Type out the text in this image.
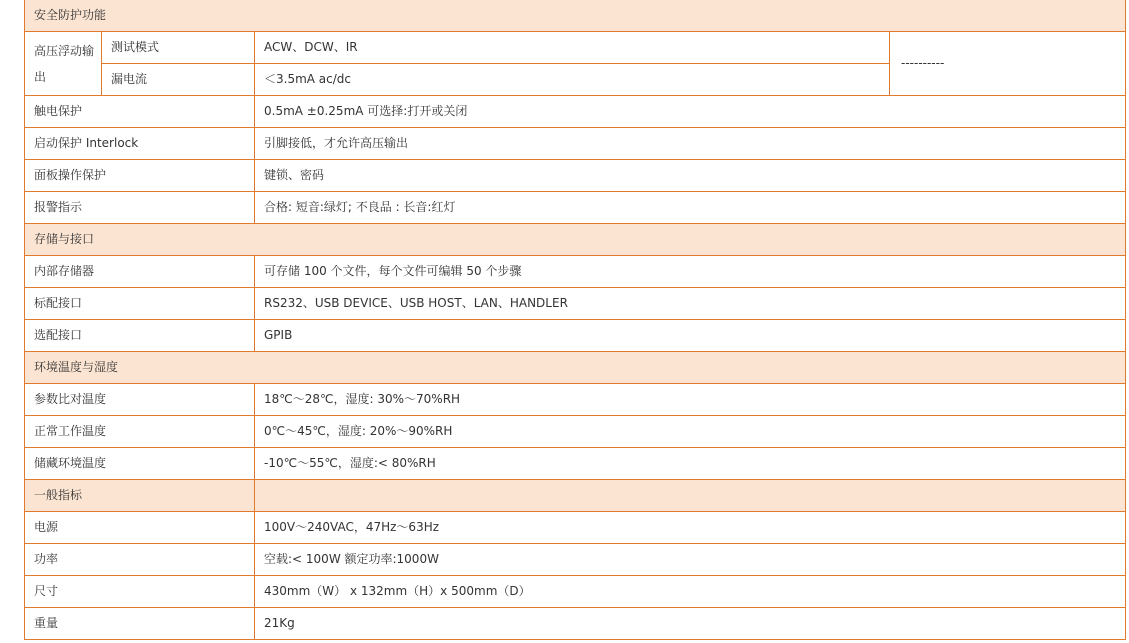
安全防护功能			
高压浮动输出	测试模式	ACW、DCW、IR	----------
	漏电流	＜3.5mA ac/dc	
触电保护		0.5mA ±0.25mA 可选择:打开或关闭	
启动保护 Interlock		引脚接低，才允许高压输出	
面板操作保护		键锁、密码	
报警指示		合格: 短音:绿灯; 不良品 : 长音:红灯	
存储与接口			
内部存储器		可存储 100 个文件，每个文件可编辑 50 个步骤	
标配接口		RS232、USB DEVICE、USB HOST、LAN、HANDLER	
选配接口		GPIB	
环境温度与湿度			
参数比对温度		18℃～28℃，湿度: 30%～70%RH	
正常工作温度		0℃～45℃，湿度: 20%～90%RH	
储藏环境温度		-10℃～55℃，湿度:< 80%RH	
一般指标			
电源		100V～240VAC，47Hz～63Hz	
功率		空载:< 100W 额定功率:1000W	
尺寸		430mm（W） x 132mm（H）x 500mm（D）	
重量		21Kg	
